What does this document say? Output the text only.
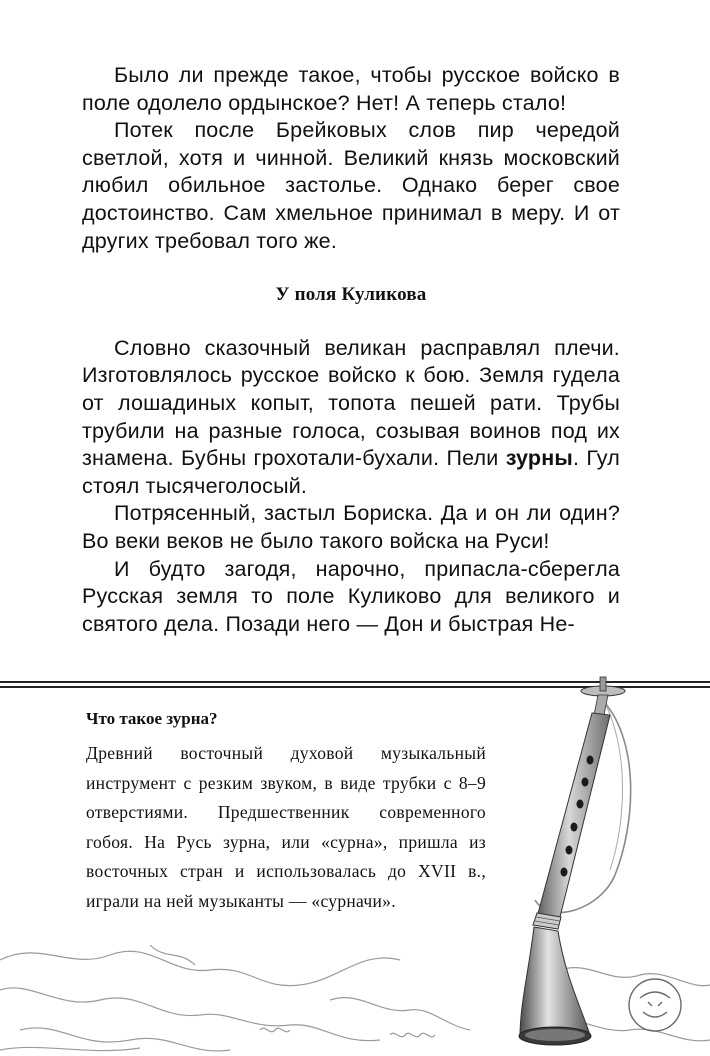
Было ли прежде такое, чтобы русское войско в поле одолело ордынское? Нет! А теперь стало!

Потек после Брейковых слов пир чередой светлой, хотя и чинной. Великий князь московский любил обильное застолье. Однако берег свое достоинство. Сам хмельное принимал в меру. И от других требовал того же.

У поля Куликова

Словно сказочный великан расправлял плечи. Изготовлялось русское войско к бою. Земля гудела от лошадиных копыт, топота пешей рати. Трубы трубили на разные голоса, созывая воинов под их знамена. Бубны грохотали-бухали. Пели зурны. Гул стоял тысячеголосый.

Потрясенный, застыл Бориска. Да и он ли один? Во веки веков не было такого войска на Руси!

И будто загодя, нарочно, припасла-сберегла Русская земля то поле Куликово для великого и святого дела. Позади него — Дон и быстрая Не-

Что такое зурна?

Древний восточный духовой музыкальный инструмент с резким звуком, в виде трубки с 8–9 отверстиями. Предшественник современного гобоя. На Русь зурна, или «сурна», пришла из восточных стран и использовалась до XVII в., играли на ней музыканты — «сурначи».
